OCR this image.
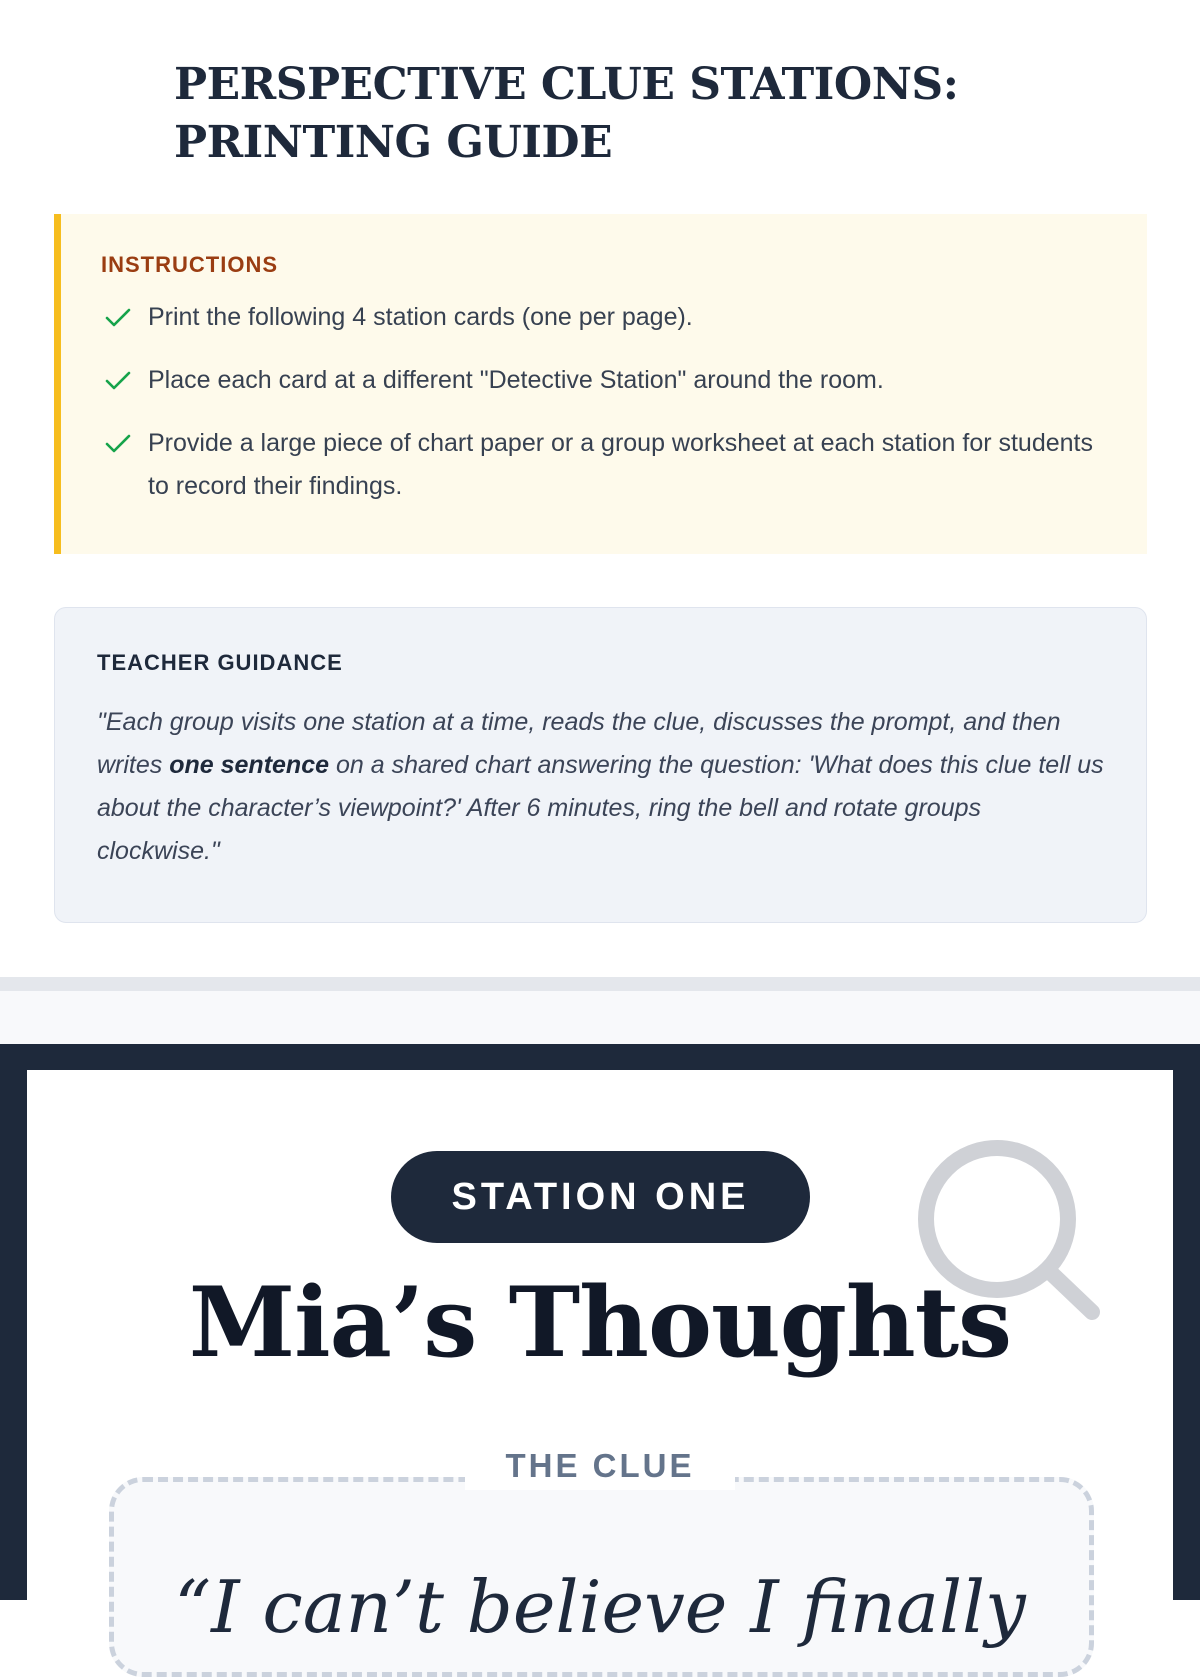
PERSPECTIVE CLUE STATIONS:
PRINTING GUIDE
INSTRUCTIONS
Print the following 4 station cards (one per page).
Place each card at a different "Detective Station" around the room.
Provide a large piece of chart paper or a group worksheet at each station for students to record their findings.
TEACHER GUIDANCE

"Each group visits one station at a time, reads the clue, discusses the prompt, and then writes one sentence on a shared chart answering the question: 'What does this clue tell us about the character’s viewpoint?' After 6 minutes, ring the bell and rotate groups clockwise."

STATION ONE
Mia’s Thoughts
THE CLUE
“I can’t believe I finally
